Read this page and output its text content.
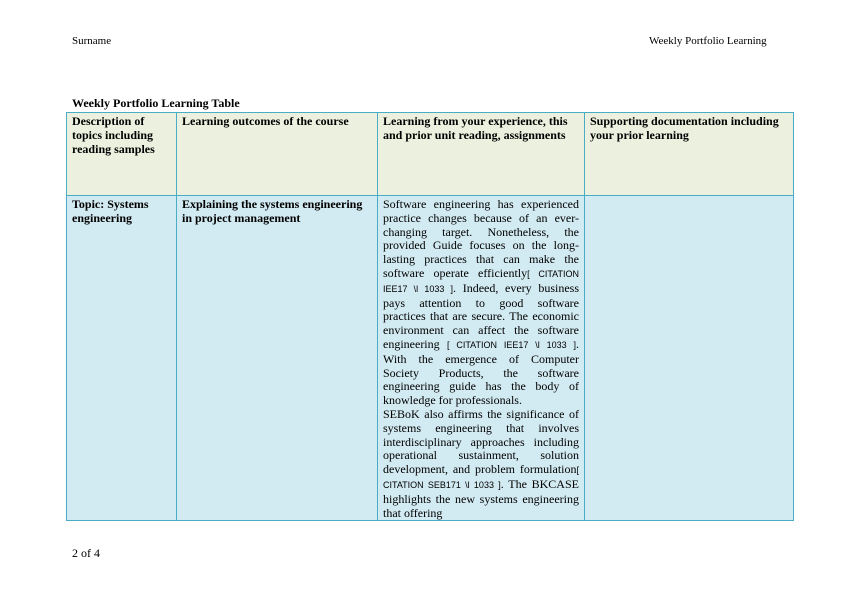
Surname	Weekly Portfolio Learning
Weekly Portfolio Learning Table
Description of topics including reading samples	Learning outcomes of the course	Learning from your experience, this and prior unit reading, assignments	Supporting documentation including your prior learning
Topic: Systems engineering	Explaining the systems engineering in project management	Software engineering has experienced practice changes because of an ever-changing target. Nonetheless, the provided Guide focuses on the long-lasting practices that can make the software operate efficiently[ CITATION IEE17 \l 1033 ]. Indeed, every business pays attention to good software practices that are secure. The economic environment can affect the software engineering [ CITATION IEE17 \l 1033 ]. With the emergence of Computer Society Products, the software engineering guide has the body of knowledge for professionals.

SEBoK also affirms the significance of systems engineering that involves interdisciplinary approaches including operational sustainment, solution development, and problem formulation[ CITATION SEB171 \l 1033 ]. The BKCASE highlights the new systems engineering that offering	

2 of 4
